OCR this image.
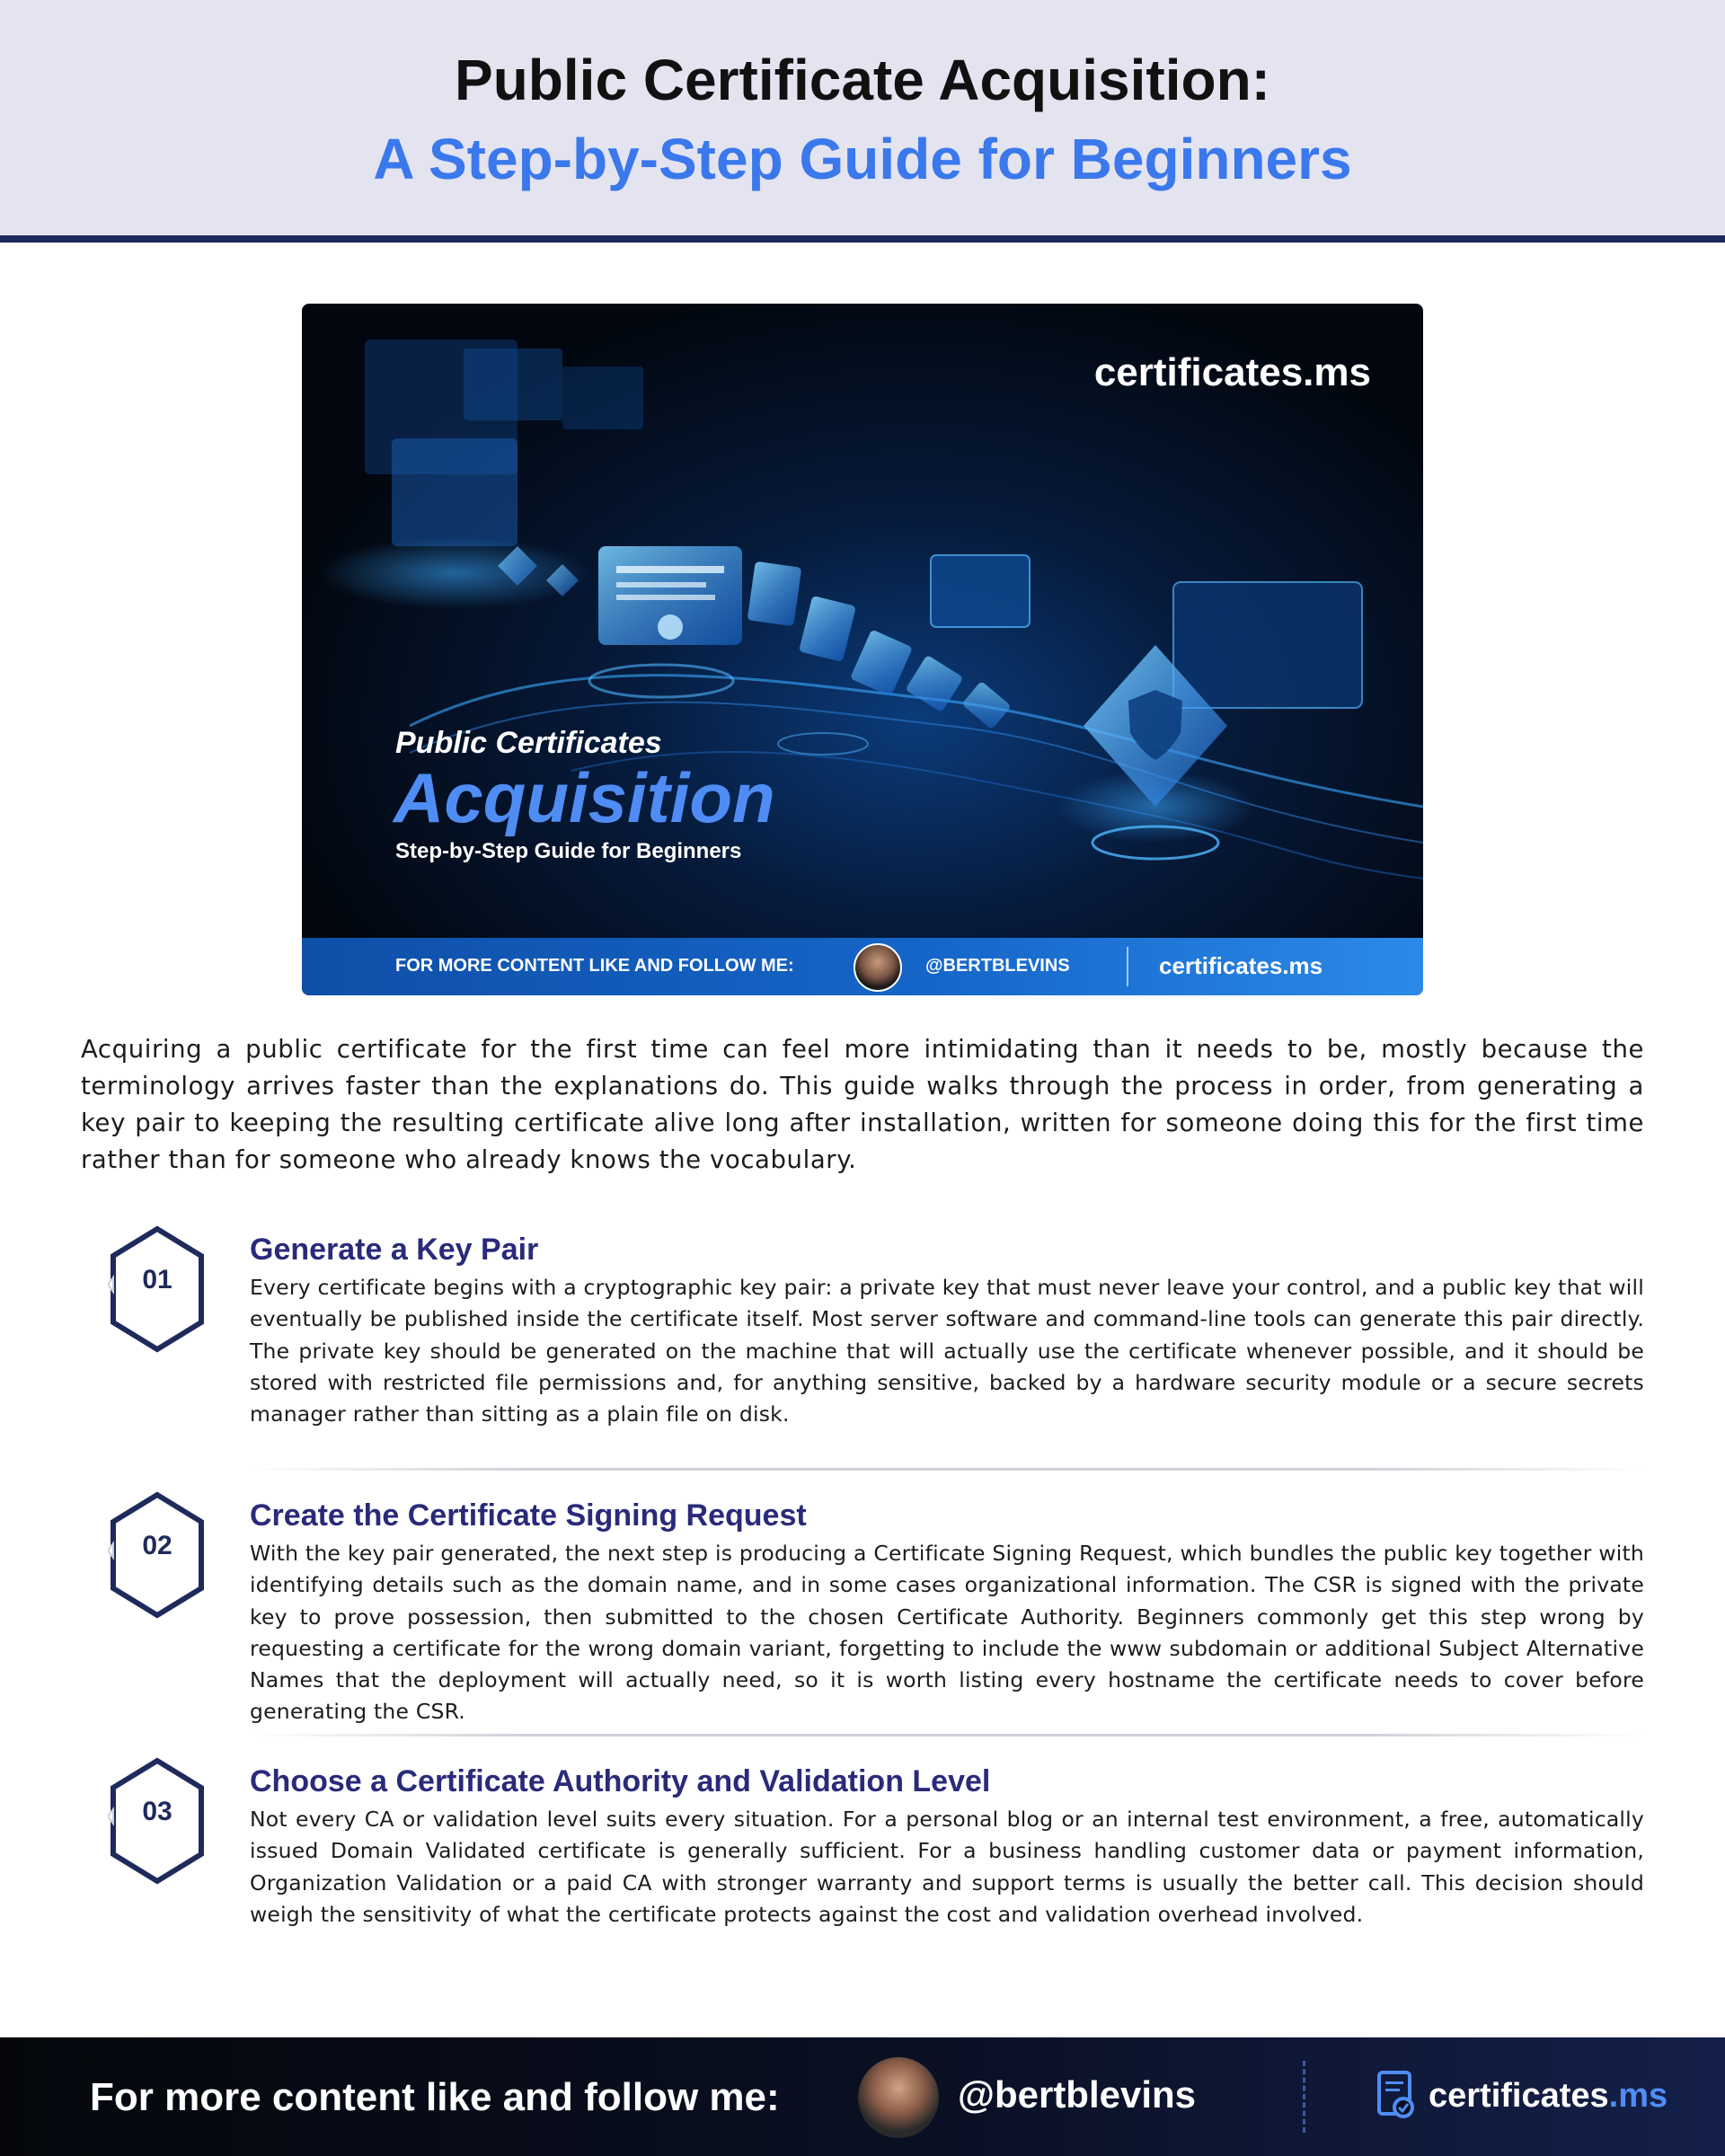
Public Certificate Acquisition:
A Step-by-Step Guide for Beginners
certificates.ms
Public Certificates
Acquisition
Step-by-Step Guide for Beginners
FOR MORE CONTENT LIKE AND FOLLOW ME:	@BERTBLEVINS	certificates.ms

Acquiring a public certificate for the first time can feel more intimidating than it needs to be, mostly because the terminology arrives faster than the explanations do. This guide walks through the process in order, from generating a key pair to keeping the resulting certificate alive long after installation, written for someone doing this for the first time rather than for someone who already knows the vocabulary.

01
Generate a Key Pair

Every certificate begins with a cryptographic key pair: a private key that must never leave your control, and a public key that will eventually be published inside the certificate itself. Most server software and command-line tools can generate this pair directly. The private key should be generated on the machine that will actually use the certificate whenever possible, and it should be stored with restricted file permissions and, for anything sensitive, backed by a hardware security module or a secure secrets manager rather than sitting as a plain file on disk.

02
Create the Certificate Signing Request

With the key pair generated, the next step is producing a Certificate Signing Request, which bundles the public key together with identifying details such as the domain name, and in some cases organizational information. The CSR is signed with the private key to prove possession, then submitted to the chosen Certificate Authority. Beginners commonly get this step wrong by requesting a certificate for the wrong domain variant, forgetting to include the www subdomain or additional Subject Alternative Names that the deployment will actually need, so it is worth listing every hostname the certificate needs to cover before generating the CSR.

03
Choose a Certificate Authority and Validation Level

Not every CA or validation level suits every situation. For a personal blog or an internal test environment, a free, automatically issued Domain Validated certificate is generally sufficient. For a business handling customer data or payment information, Organization Validation or a paid CA with stronger warranty and support terms is usually the better call. This decision should weigh the sensitivity of what the certificate protects against the cost and validation overhead involved.

For more content like and follow me:	@bertblevins	certificates.ms
